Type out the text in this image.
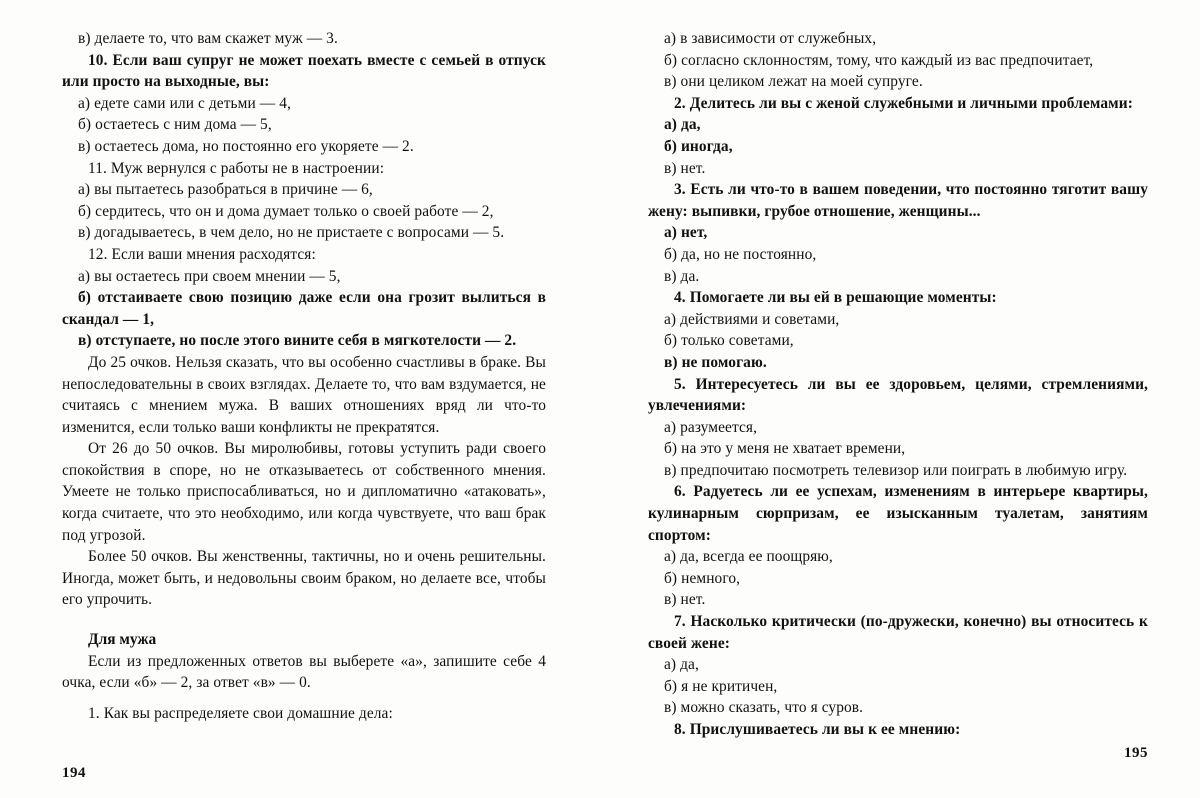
в) делаете то, что вам скажет муж — 3.

10. Если ваш супруг не может поехать вместе с семьей в отпуск или просто на выходные, вы:

а) едете сами или с детьми — 4,

б) остаетесь с ним дома — 5,

в) остаетесь дома, но постоянно его укоряете — 2.

11. Муж вернулся с работы не в настроении:

а) вы пытаетесь разобраться в причине — 6,

б) сердитесь, что он и дома думает только о своей работе — 2,

в) догадываетесь, в чем дело, но не пристаете с вопросами — 5.

12. Если ваши мнения расходятся:

а) вы остаетесь при своем мнении — 5,

б) отстаиваете свою позицию даже если она грозит вылиться в скандал — 1,

в) отступаете, но после этого вините себя в мягкотелости — 2.

До 25 очков. Нельзя сказать, что вы особенно счастливы в браке. Вы непоследовательны в своих взглядах. Делаете то, что вам вздумается, не считаясь с мнением мужа. В ваших отношениях вряд ли что-то изменится, если только ваши конфликты не прекратятся.

От 26 до 50 очков. Вы миролюбивы, готовы уступить ради своего спокойствия в споре, но не отказываетесь от собственного мнения. Умеете не только приспосабливаться, но и дипломатично «атаковать», когда считаете, что это необходимо, или когда чувствуете, что ваш брак под угрозой.

Более 50 очков. Вы женственны, тактичны, но и очень решительны. Иногда, может быть, и недовольны своим браком, но делаете все, чтобы его упрочить.

Для мужа

Если из предложенных ответов вы выберете «а», запишите себе 4 очка, если «б» — 2, за ответ «в» — 0.

1. Как вы распределяете свои домашние дела:

а) в зависимости от служебных,

б) согласно склонностям, тому, что каждый из вас предпочитает,

в) они целиком лежат на моей супруге.

2. Делитесь ли вы с женой служебными и личными проблемами:

а) да,

б) иногда,

в) нет.

3. Есть ли что-то в вашем поведении, что постоянно тяготит вашу жену: выпивки, грубое отношение, женщины...

а) нет,

б) да, но не постоянно,

в) да.

4. Помогаете ли вы ей в решающие моменты:

а) действиями и советами,

б) только советами,

в) не помогаю.

5. Интересуетесь ли вы ее здоровьем, целями, стремлениями, увлечениями:

а) разумеется,

б) на это у меня не хватает времени,

в) предпочитаю посмотреть телевизор или поиграть в любимую игру.

6. Радуетесь ли ее успехам, изменениям в интерьере квартиры, кулинарным сюрпризам, ее изысканным туалетам, занятиям спортом:

а) да, всегда ее поощряю,

б) немного,

в) нет.

7. Насколько критически (по-дружески, конечно) вы относитесь к своей жене:

а) да,

б) я не критичен,

в) можно сказать, что я суров.

8. Прислушиваетесь ли вы к ее мнению:

194
195
